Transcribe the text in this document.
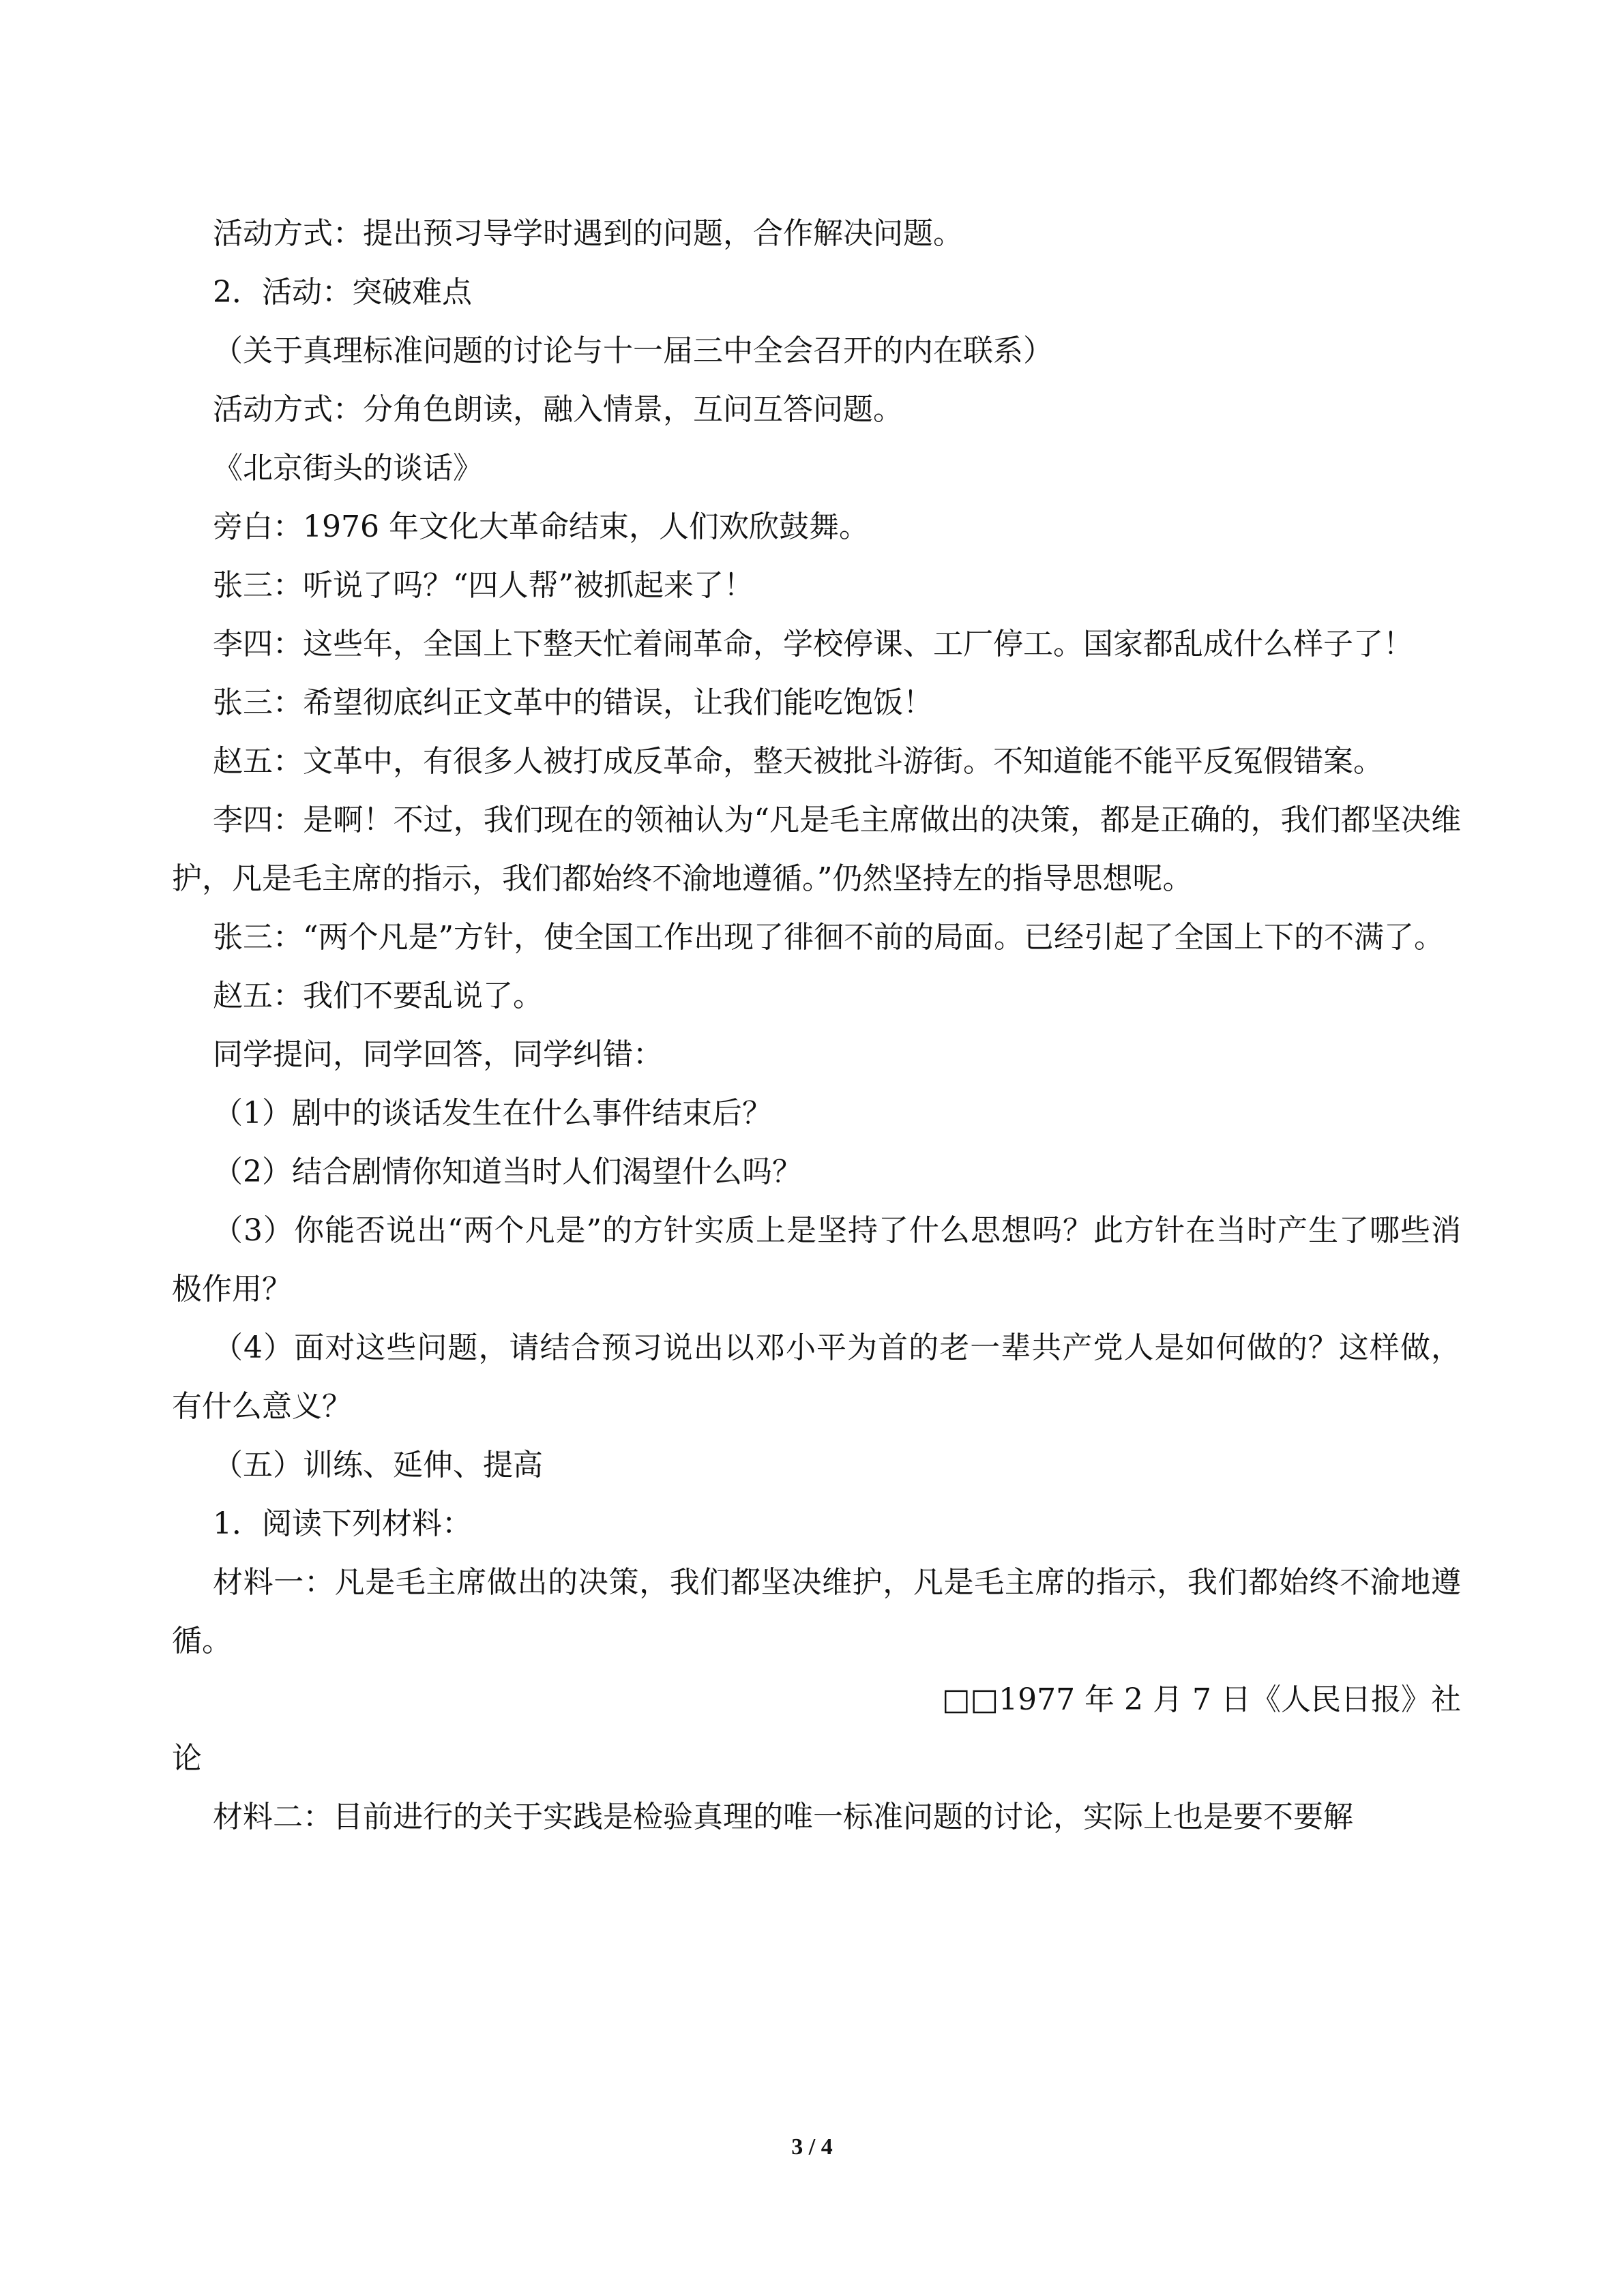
活动方式：提出预习导学时遇到的问题，合作解决问题。
2．活动：突破难点
（关于真理标准问题的讨论与十一届三中全会召开的内在联系）
活动方式：分角色朗读，融入情景，互问互答问题。
《北京街头的谈话》
旁白：1976 年文化大革命结束，人们欢欣鼓舞。
张三：听说了吗？“四人帮”被抓起来了！
李四：这些年，全国上下整天忙着闹革命，学校停课、工厂停工。国家都乱成什么样子了！
张三：希望彻底纠正文革中的错误，让我们能吃饱饭！
赵五：文革中，有很多人被打成反革命，整天被批斗游街。不知道能不能平反冤假错案。
李四：是啊！不过，我们现在的领袖认为“凡是毛主席做出的决策，都是正确的，我们都坚决维护，凡是毛主席的指示，我们都始终不渝地遵循。”仍然坚持左的指导思想呢。
张三：“两个凡是”方针，使全国工作出现了徘徊不前的局面。已经引起了全国上下的不满了。
赵五：我们不要乱说了。
同学提问，同学回答，同学纠错：
（1）剧中的谈话发生在什么事件结束后？
（2）结合剧情你知道当时人们渴望什么吗？
（3）你能否说出“两个凡是”的方针实质上是坚持了什么思想吗？此方针在当时产生了哪些消极作用？
（4）面对这些问题，请结合预习说出以邓小平为首的老一辈共产党人是如何做的？这样做，有什么意义？
（五）训练、延伸、提高
1．阅读下列材料：
材料一：凡是毛主席做出的决策，我们都坚决维护，凡是毛主席的指示，我们都始终不渝地遵循。
□□1977 年 2 月 7 日《人民日报》社
论
材料二：目前进行的关于实践是检验真理的唯一标准问题的讨论，实际上也是要不要解
3 / 4
